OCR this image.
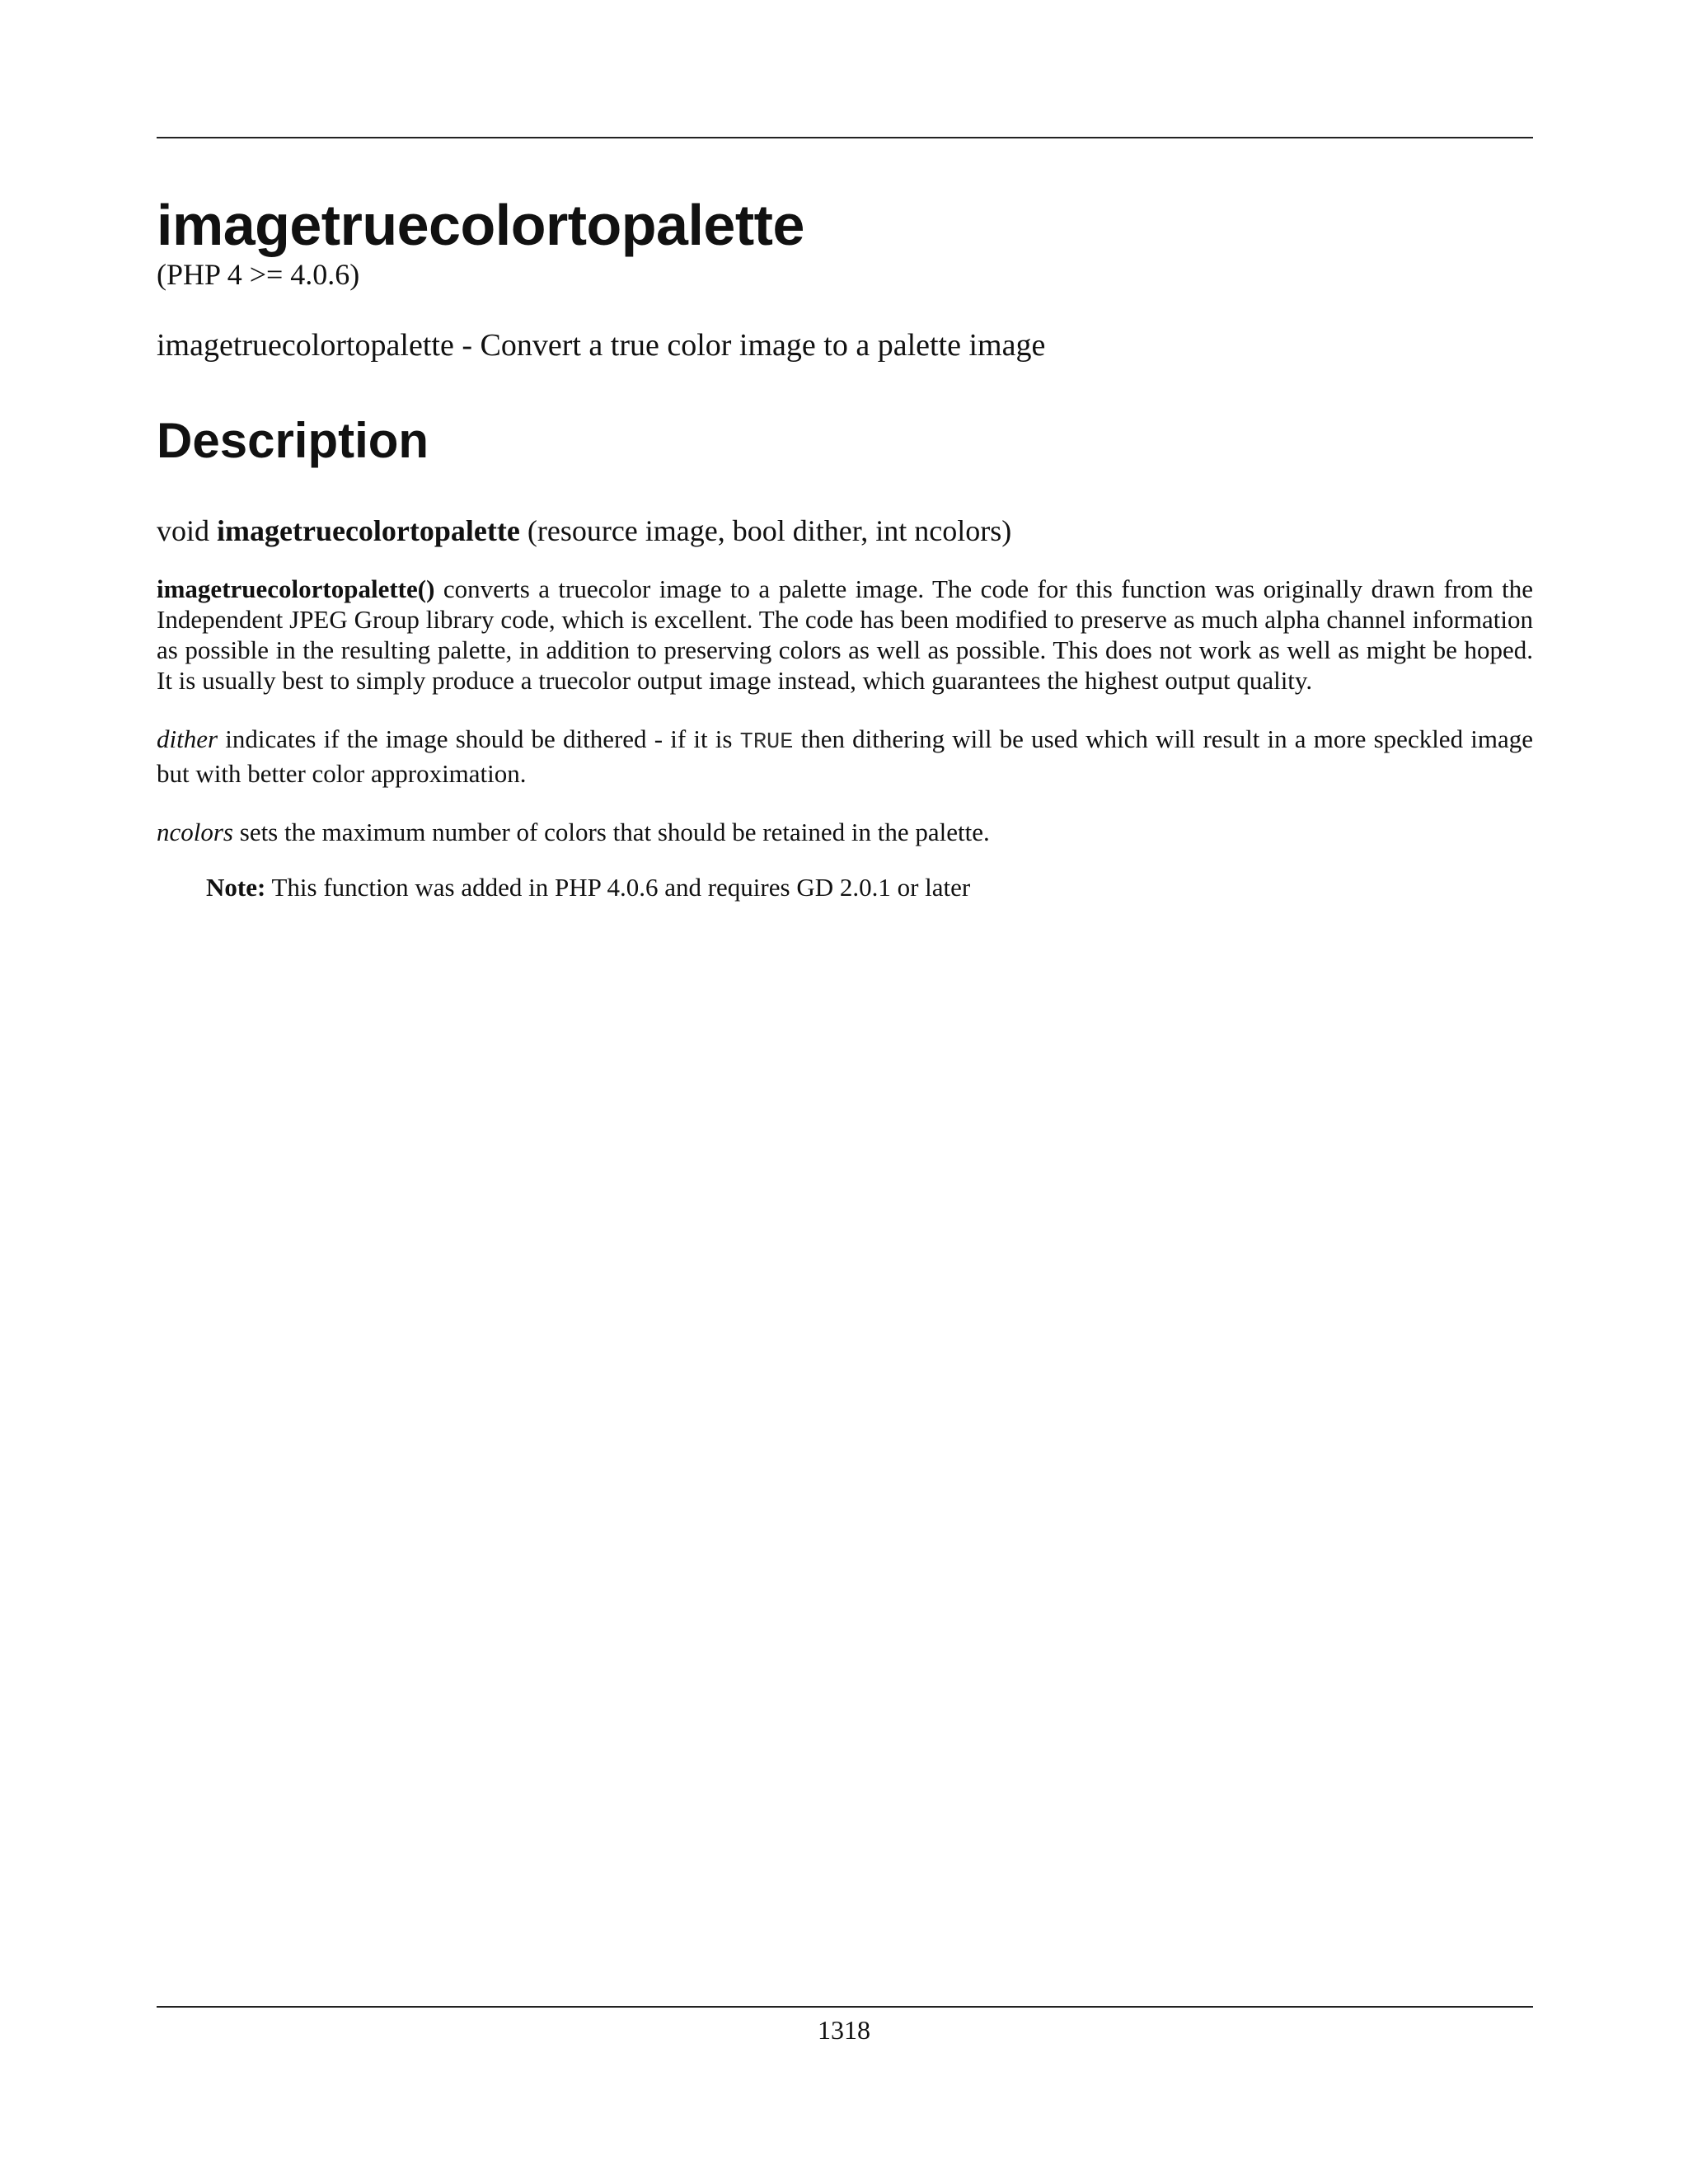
imagetruecolortopalette
(PHP 4 >= 4.0.6)
imagetruecolortopalette - Convert a true color image to a palette image
Description
void imagetruecolortopalette (resource image, bool dither, int ncolors)

imagetruecolortopalette() converts a truecolor image to a palette image. The code for this function was originally drawn from the Independent JPEG Group library code, which is excellent. The code has been modified to preserve as much alpha channel information as possible in the resulting palette, in addition to preserving colors as well as possible. This does not work as well as might be hoped. It is usually best to simply produce a truecolor output image instead, which guarantees the highest output quality.

dither indicates if the image should be dithered - if it is TRUE then dithering will be used which will result in a more speckled image but with better color approximation.

ncolors sets the maximum number of colors that should be retained in the palette.

Note: This function was added in PHP 4.0.6 and requires GD 2.0.1 or later
1318
